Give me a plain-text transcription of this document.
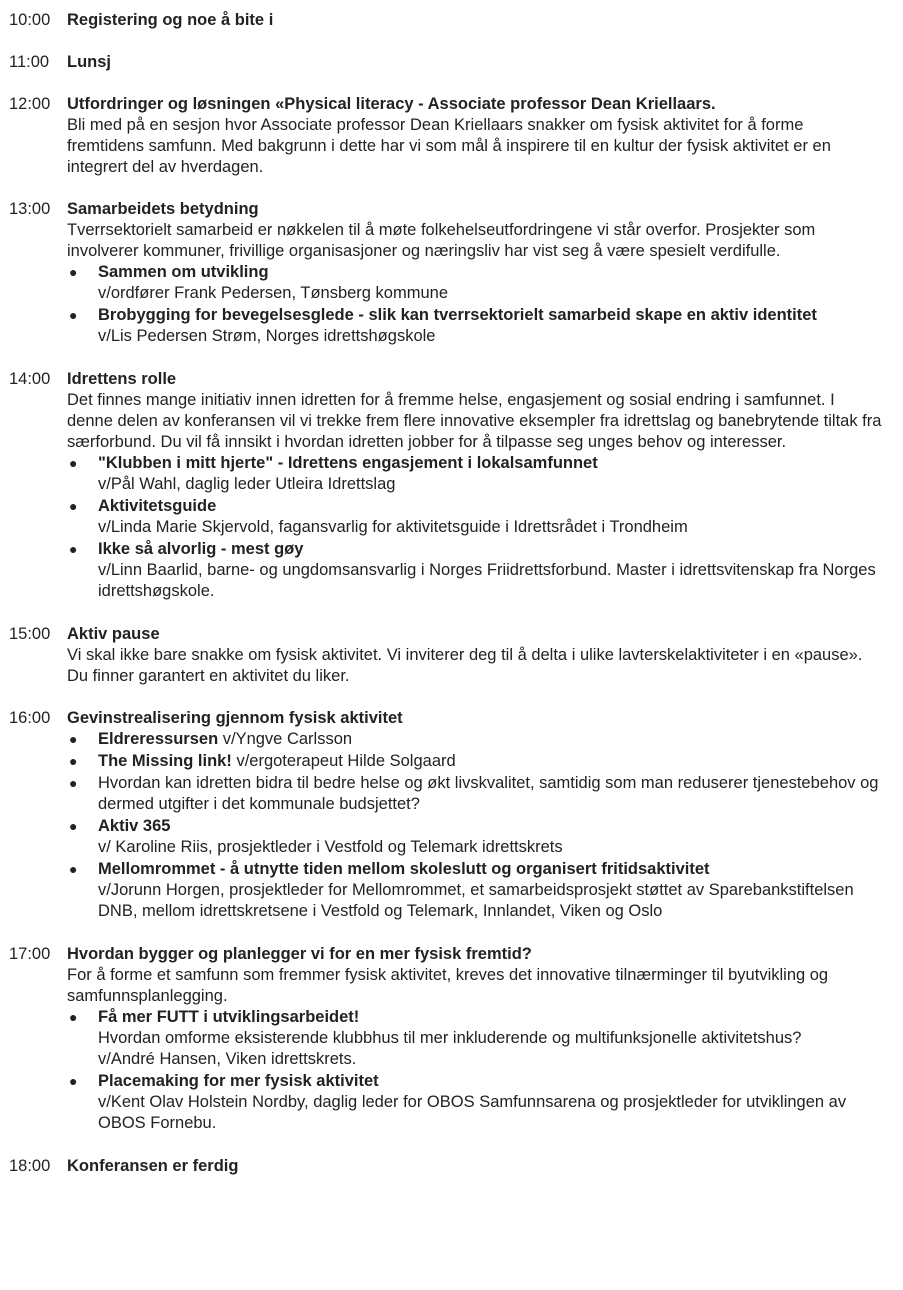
10:00	Registering og noe å bite i
11:00	Lunsj
12:00	Utfordringer og løsningen «Physical literacy - Associate professor Dean Kriellaars.

Bli med på en sesjon hvor Associate professor Dean Kriellaars snakker om fysisk aktivitet for å forme fremtidens samfunn. Med bakgrunn i dette har vi som mål å inspirere til en kultur der fysisk aktivitet er en integrert del av hverdagen.

13:00	Samarbeidets betydning

Tverrsektorielt samarbeid er nøkkelen til å møte folkehelseutfordringene vi står overfor. Prosjekter som involverer kommuner, frivillige organisasjoner og næringsliv har vist seg å være spesielt verdifulle.

● Sammen om utvikling
v/ordfører Frank Pedersen, Tønsberg kommune
● Brobygging for bevegelsesglede - slik kan tverrsektorielt samarbeid skape en aktiv identitet
v/Lis Pedersen Strøm, Norges idrettshøgskole
14:00	Idrettens rolle

Det finnes mange initiativ innen idretten for å fremme helse, engasjement og sosial endring i samfunnet. I denne delen av konferansen vil vi trekke frem flere innovative eksempler fra idrettslag og banebrytende tiltak fra særforbund. Du vil få innsikt i hvordan idretten jobber for å tilpasse seg unges behov og interesser.

● "Klubben i mitt hjerte" - Idrettens engasjement i lokalsamfunnet
v/Pål Wahl, daglig leder Utleira Idrettslag
● Aktivitetsguide
v/Linda Marie Skjervold, fagansvarlig for aktivitetsguide i Idrettsrådet i Trondheim
● Ikke så alvorlig - mest gøy
v/Linn Baarlid, barne- og ungdomsansvarlig i Norges Friidrettsforbund. Master i idrettsvitenskap fra Norges idrettshøgskole.
15:00	Aktiv pause

Vi skal ikke bare snakke om fysisk aktivitet. Vi inviterer deg til å delta i ulike lavterskelaktiviteter i en «pause». Du finner garantert en aktivitet du liker.

16:00	Gevinstrealisering gjennom fysisk aktivitet
● Eldreressursen v/Yngve Carlsson
● The Missing link! v/ergoterapeut Hilde Solgaard
● Hvordan kan idretten bidra til bedre helse og økt livskvalitet, samtidig som man reduserer tjenestebehov og dermed utgifter i det kommunale budsjettet?
● Aktiv 365
v/ Karoline Riis, prosjektleder i Vestfold og Telemark idrettskrets
● Mellomrommet - å utnytte tiden mellom skoleslutt og organisert fritidsaktivitet
v/Jorunn Horgen, prosjektleder for Mellomrommet, et samarbeidsprosjekt støttet av Sparebankstiftelsen DNB, mellom idrettskretsene i Vestfold og Telemark, Innlandet, Viken og Oslo
17:00	Hvordan bygger og planlegger vi for en mer fysisk fremtid?

For å forme et samfunn som fremmer fysisk aktivitet, kreves det innovative tilnærminger til byutvikling og samfunnsplanlegging.

● Få mer FUTT i utviklingsarbeidet!
Hvordan omforme eksisterende klubbhus til mer inkluderende og multifunksjonelle aktivitetshus?
v/André Hansen, Viken idrettskrets.
● Placemaking for mer fysisk aktivitet
v/Kent Olav Holstein Nordby, daglig leder for OBOS Samfunnsarena og prosjektleder for utviklingen av OBOS Fornebu.
18:00	Konferansen er ferdig
